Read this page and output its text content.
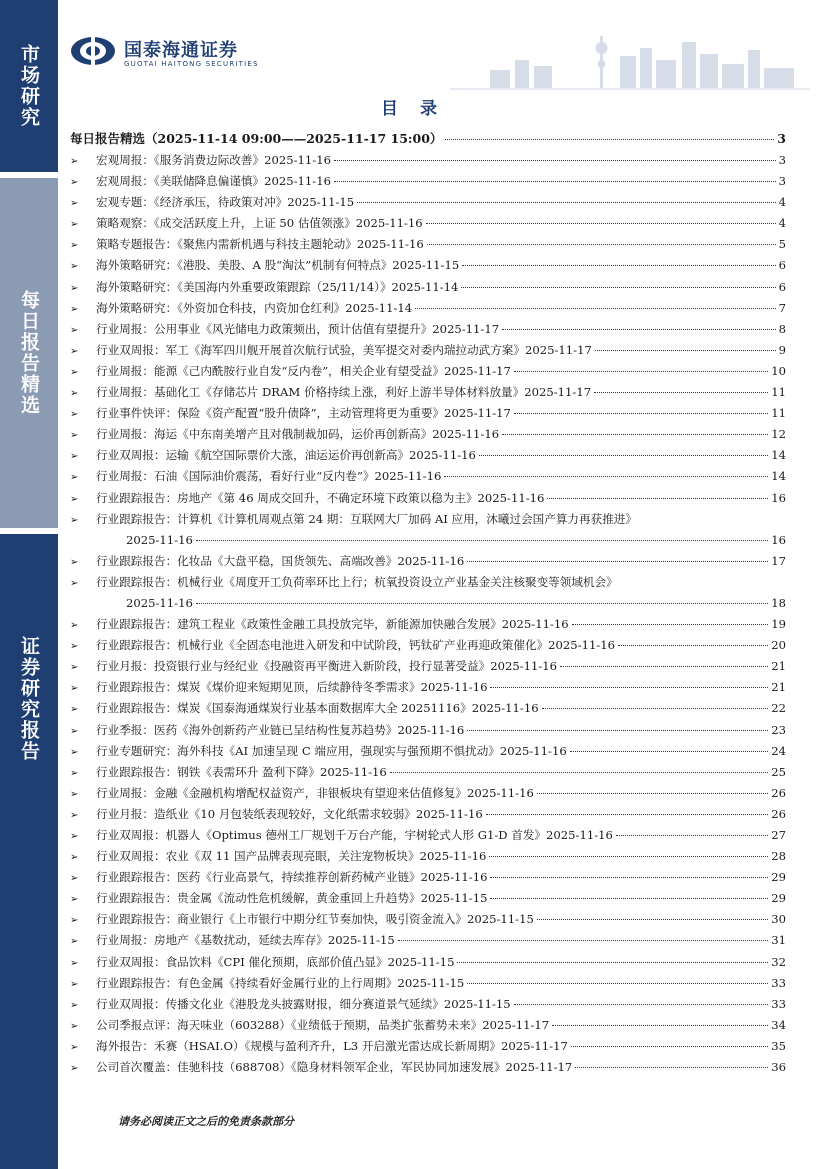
市场研究
每日报告精选
证券研究报告
国泰海通证券
GUOTAI HAITONG SECURITIES
目 录
每日报告精选（2025-11-14 09:00——2025-11-17 15:00）	3
➢	宏观周报：《服务消费边际改善》2025-11-16	3
➢	宏观周报：《美联储降息偏谨慎》2025-11-16	3
➢	宏观专题：《经济承压，待政策对冲》2025-11-15	4
➢	策略观察：《成交活跃度上升，上证 50 估值领涨》2025-11-16	4
➢	策略专题报告：《聚焦内需新机遇与科技主题轮动》2025-11-16	5
➢	海外策略研究：《港股、美股、A 股“淘汰”机制有何特点》2025-11-15	6
➢	海外策略研究：《美国海内外重要政策跟踪（25/11/14）》2025-11-14	6
➢	海外策略研究：《外资加仓科技，内资加仓红利》2025-11-14	7
➢	行业周报：公用事业《风光储电力政策频出，预计估值有望提升》2025-11-17	8
➢	行业双周报：军工《海军四川舰开展首次航行试验，美军提交对委内瑞拉动武方案》2025-11-17	9
➢	行业周报：能源《己内酰胺行业自发“反内卷”，相关企业有望受益》2025-11-17	10
➢	行业周报：基础化工《存储芯片 DRAM 价格持续上涨，利好上游半导体材料放量》2025-11-17	11
➢	行业事件快评：保险《资产配置“股升债降”，主动管理将更为重要》2025-11-17	11
➢	行业周报：海运《中东南美增产且对俄制裁加码，运价再创新高》2025-11-16	12
➢	行业双周报：运输《航空国际票价大涨，油运运价再创新高》2025-11-16	14
➢	行业周报：石油《国际油价震荡，看好行业“反内卷”》2025-11-16	14
➢	行业跟踪报告：房地产《第 46 周成交回升，不确定环境下政策以稳为主》2025-11-16	16
➢	行业跟踪报告：计算机《计算机周观点第 24 期：互联网大厂加码 AI 应用，沐曦过会国产算力再获推进》
2025-11-16	16
➢	行业跟踪报告：化妆品《大盘平稳，国货领先、高端改善》2025-11-16	17
➢	行业跟踪报告：机械行业《周度开工负荷率环比上行；杭氧投资设立产业基金关注核聚变等领域机会》
2025-11-16	18
➢	行业跟踪报告：建筑工程业《政策性金融工具投放完毕，新能源加快融合发展》2025-11-16	19
➢	行业跟踪报告：机械行业《全固态电池进入研发和中试阶段，钙钛矿产业再迎政策催化》2025-11-16	20
➢	行业月报：投资银行业与经纪业《投融资再平衡进入新阶段，投行显著受益》2025-11-16	21
➢	行业跟踪报告：煤炭《煤价迎来短期见顶，后续静待冬季需求》2025-11-16	21
➢	行业跟踪报告：煤炭《国泰海通煤炭行业基本面数据库大全 20251116》2025-11-16	22
➢	行业季报：医药《海外创新药产业链已呈结构性复苏趋势》2025-11-16	23
➢	行业专题研究：海外科技《AI 加速呈现 C 端应用，强现实与强预期不惧扰动》2025-11-16	24
➢	行业跟踪报告：钢铁《表需环升 盈利下降》2025-11-16	25
➢	行业周报：金融《金融机构增配权益资产，非银板块有望迎来估值修复》2025-11-16	26
➢	行业月报：造纸业《10 月包装纸表现较好，文化纸需求较弱》2025-11-16	26
➢	行业双周报：机器人《Optimus 德州工厂规划千万台产能，宇树轮式人形 G1-D 首发》2025-11-16	27
➢	行业双周报：农业《双 11 国产品牌表现亮眼，关注宠物板块》2025-11-16	28
➢	行业跟踪报告：医药《行业高景气，持续推荐创新药械产业链》2025-11-16	29
➢	行业跟踪报告：贵金属《流动性危机缓解，黄金重回上升趋势》2025-11-15	29
➢	行业跟踪报告：商业银行《上市银行中期分红节奏加快，吸引资金流入》2025-11-15	30
➢	行业周报：房地产《基数扰动，延续去库存》2025-11-15	31
➢	行业双周报：食品饮料《CPI 催化预期，底部价值凸显》2025-11-15	32
➢	行业跟踪报告：有色金属《持续看好金属行业的上行周期》2025-11-15	33
➢	行业双周报：传播文化业《港股龙头披露财报，细分赛道景气延续》2025-11-15	33
➢	公司季报点评：海天味业（603288）《业绩低于预期，品类扩张蓄势未来》2025-11-17	34
➢	海外报告：禾赛（HSAI.O）《规模与盈利齐升，L3 开启激光雷达成长新周期》2025-11-17	35
➢	公司首次覆盖：佳驰科技（688708）《隐身材料领军企业，军民协同加速发展》2025-11-17	36
请务必阅读正文之后的免责条款部分
